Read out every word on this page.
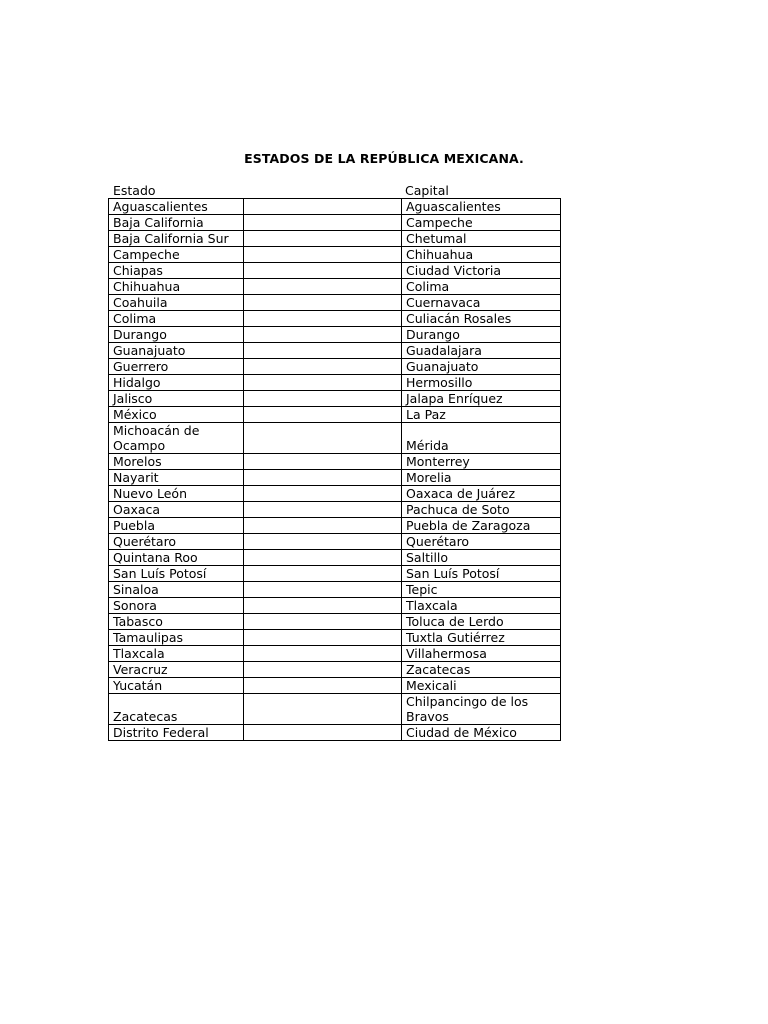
ESTADOS DE LA REPÚBLICA MEXICANA.
Estado	Capital
Aguascalientes		Aguascalientes
Baja California		Campeche
Baja California Sur		Chetumal
Campeche		Chihuahua
Chiapas		Ciudad Victoria
Chihuahua		Colima
Coahuila		Cuernavaca
Colima		Culiacán Rosales
Durango		Durango
Guanajuato		Guadalajara
Guerrero		Guanajuato
Hidalgo		Hermosillo
Jalisco		Jalapa Enríquez
México		La Paz
Michoacán de Ocampo		Mérida
Morelos		Monterrey
Nayarit		Morelia
Nuevo León		Oaxaca de Juárez
Oaxaca		Pachuca de Soto
Puebla		Puebla de Zaragoza
Querétaro		Querétaro
Quintana Roo		Saltillo
San Luís Potosí		San Luís Potosí
Sinaloa		Tepic
Sonora		Tlaxcala
Tabasco		Toluca de Lerdo
Tamaulipas		Tuxtla Gutiérrez
Tlaxcala		Villahermosa
Veracruz		Zacatecas
Yucatán		Mexicali
Zacatecas		Chilpancingo de los Bravos
Distrito Federal		Ciudad de México
